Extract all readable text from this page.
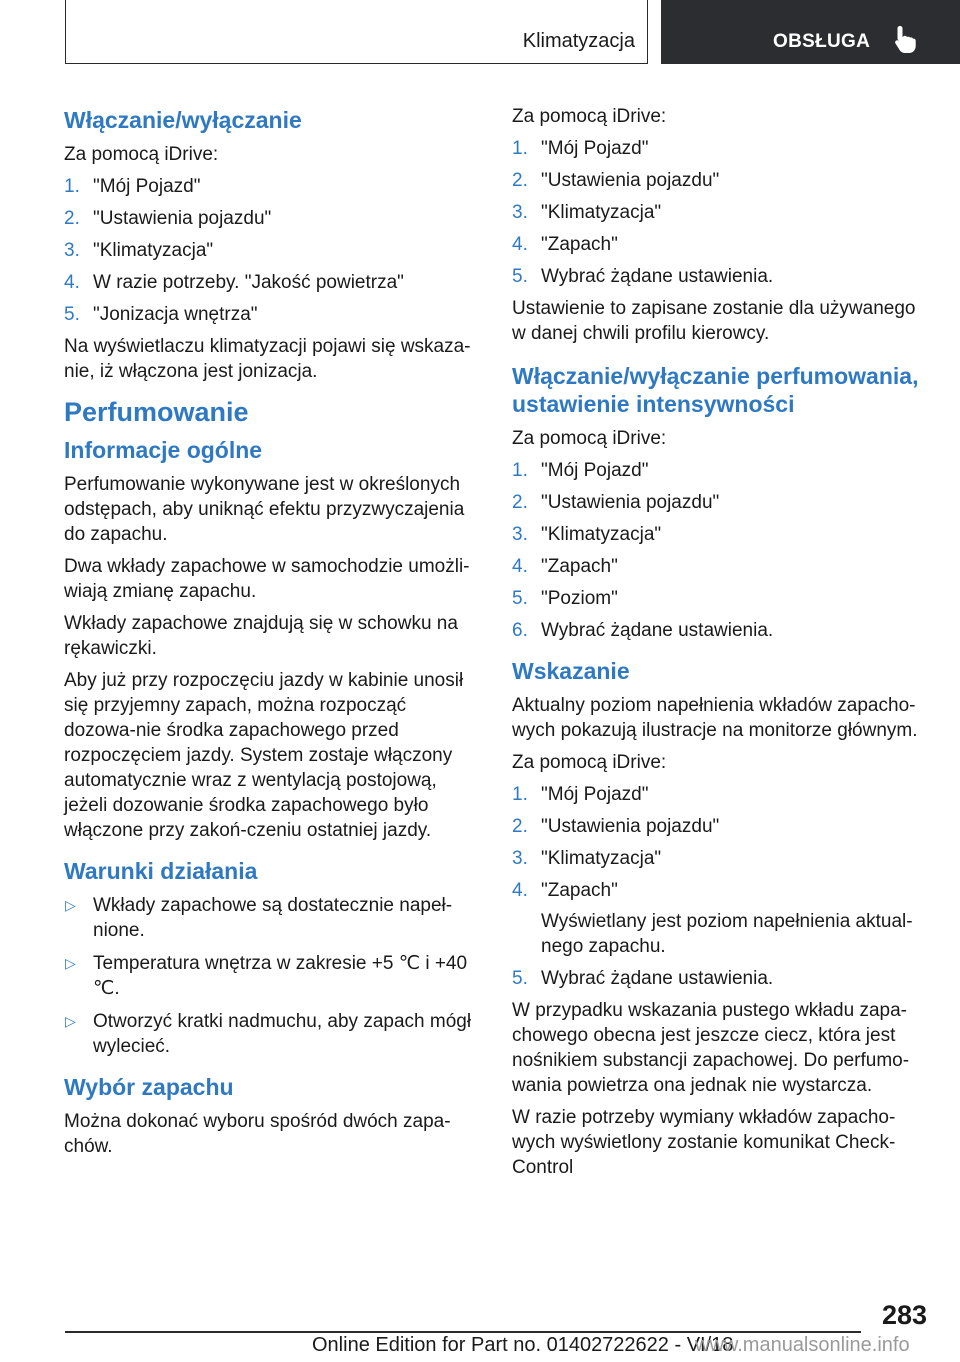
Klimatyzacja	OBSŁUGA
Włączanie/wyłączanie

Za pomocą iDrive:

1. "Mój Pojazd"
2. "Ustawienia pojazdu"
3. "Klimatyzacja"
4. W razie potrzeby. "Jakość powietrza"
5. "Jonizacja wnętrza"

Na wyświetlaczu klimatyzacji pojawi się wskaza‐nie, iż włączona jest jonizacja.

Perfumowanie
Informacje ogólne

Perfumowanie wykonywane jest w określonych odstępach, aby uniknąć efektu przyzwyczajenia do zapachu.

Dwa wkłady zapachowe w samochodzie umożli‐wiają zmianę zapachu.

Wkłady zapachowe znajdują się w schowku na rękawiczki.

Aby już przy rozpoczęciu jazdy w kabinie unosił się przyjemny zapach, można rozpocząć dozowa‐nie środka zapachowego przed rozpoczęciem jazdy. System zostaje włączony automatycznie wraz z wentylacją postojową, jeżeli dozowanie środka zapachowego było włączone przy zakoń‐czeniu ostatniej jazdy.

Warunki działania
▷ Wkłady zapachowe są dostatecznie napeł‐nione.
▷ Temperatura wnętrza w zakresie +5 ℃ i +40 ℃.
▷ Otworzyć kratki nadmuchu, aby zapach mógł wylecieć.
Wybór zapachu

Można dokonać wyboru spośród dwóch zapa‐chów.

Za pomocą iDrive:

1. "Mój Pojazd"
2. "Ustawienia pojazdu"
3. "Klimatyzacja"
4. "Zapach"
5. Wybrać żądane ustawienia.

Ustawienie to zapisane zostanie dla używanego w danej chwili profilu kierowcy.

Włączanie/wyłączanie perfumowania, ustawienie intensywności

Za pomocą iDrive:

1. "Mój Pojazd"
2. "Ustawienia pojazdu"
3. "Klimatyzacja"
4. "Zapach"
5. "Poziom"
6. Wybrać żądane ustawienia.
Wskazanie

Aktualny poziom napełnienia wkładów zapacho‐wych pokazują ilustracje na monitorze głównym.

Za pomocą iDrive:

1. "Mój Pojazd"
2. "Ustawienia pojazdu"
3. "Klimatyzacja"
4. "Zapach"
Wyświetlany jest poziom napełnienia aktual‐nego zapachu.
5. Wybrać żądane ustawienia.

W przypadku wskazania pustego wkładu zapa‐chowego obecna jest jeszcze ciecz, która jest nośnikiem substancji zapachowej. Do perfumo‐wania powietrza ona jednak nie wystarcza.

W razie potrzeby wymiany wkładów zapacho‐wych wyświetlony zostanie komunikat Check-Control

283
Online Edition for Part no. 01402722622 - VI/18
www.manualsonline.info
